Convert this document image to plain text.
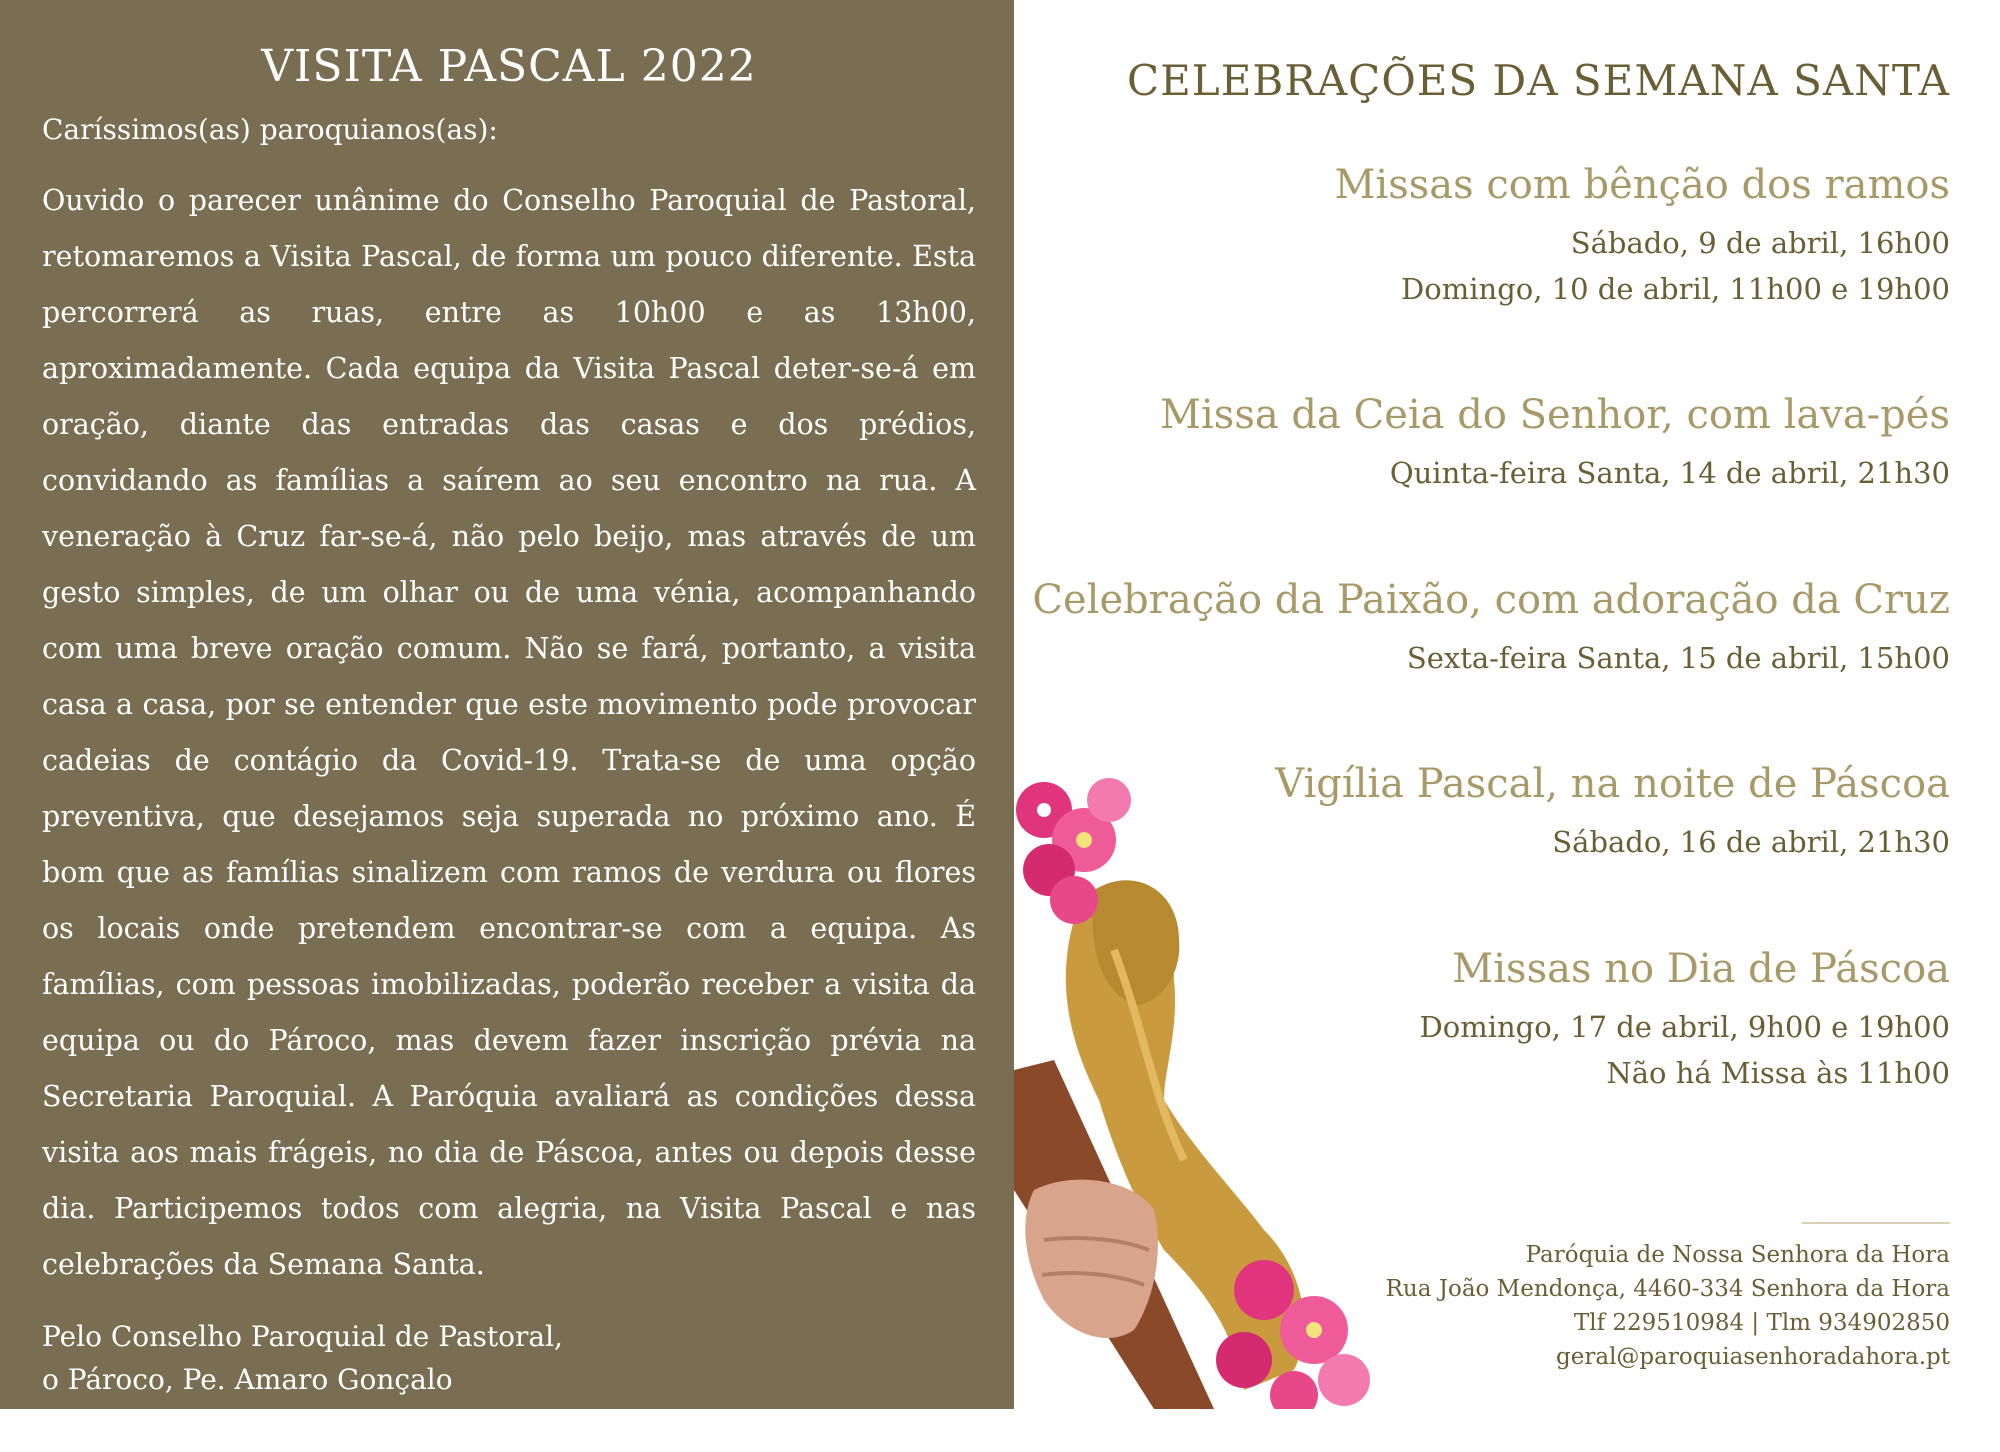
VISITA PASCAL 2022

Caríssimos(as) paroquianos(as):

Ouvido o parecer unânime do Conselho Paroquial de Pastoral, retomaremos a Visita Pascal, de forma um pouco diferente. Esta percorrerá as ruas, entre as 10h00 e as 13h00, aproximadamente. Cada equipa da Visita Pascal deter-se-á em oração, diante das entradas das casas e dos prédios, convidando as famílias a saírem ao seu encontro na rua. A veneração à Cruz far-se-á, não pelo beijo, mas através de um gesto simples, de um olhar ou de uma vénia, acompanhando com uma breve oração comum. Não se fará, portanto, a visita casa a casa, por se entender que este movimento pode provocar cadeias de contágio da Covid-19. Trata-se de uma opção preventiva, que desejamos seja superada no próximo ano. É bom que as famílias sinalizem com ramos de verdura ou flores os locais onde pretendem encontrar-se com a equipa. As famílias, com pessoas imobilizadas, poderão receber a visita da equipa ou do Pároco, mas devem fazer inscrição prévia na Secretaria Paroquial. A Paróquia avaliará as condições dessa visita aos mais frágeis, no dia de Páscoa, antes ou depois desse dia. Participemos todos com alegria, na Visita Pascal e nas celebrações da Semana Santa.

Pelo Conselho Paroquial de Pastoral,
o Pároco, Pe. Amaro Gonçalo
Senhora da Hora, Páscoa 2022
CELEBRAÇÕES DA SEMANA SANTA
Missas com bênção dos ramos
Sábado, 9 de abril, 16h00
Domingo, 10 de abril, 11h00 e 19h00
Missa da Ceia do Senhor, com lava-pés
Quinta-feira Santa, 14 de abril, 21h30
Celebração da Paixão, com adoração da Cruz
Sexta-feira Santa, 15 de abril, 15h00
Vigília Pascal, na noite de Páscoa
Sábado, 16 de abril, 21h30
Missas no Dia de Páscoa
Domingo, 17 de abril, 9h00 e 19h00
Não há Missa às 11h00
Paróquia de Nossa Senhora da Hora
Rua João Mendonça, 4460-334 Senhora da Hora
Tlf 229510984 | Tlm 934902850
geral@paroquiasenhoradahora.pt
